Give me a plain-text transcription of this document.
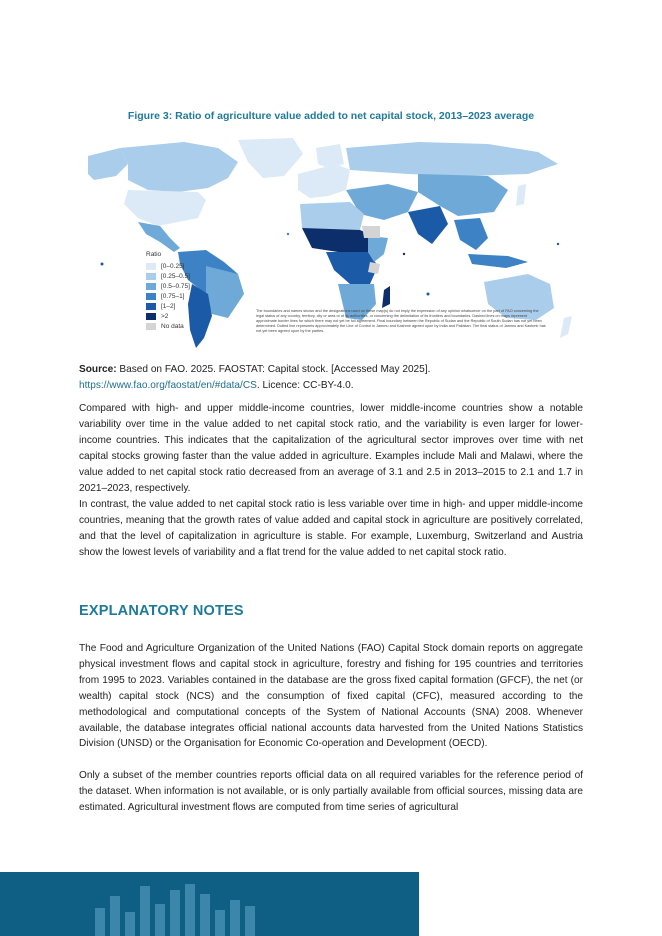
Figure 3: Ratio of agriculture value added to net capital stock, 2013–2023 average
Ratio
[0–0.25]
[0.25–0.5]
[0.5–0.75]
[0.75–1]
[1–2]
>2
No data
The boundaries and names shown and the designations used on these map(s) do not imply the expression of any opinion whatsoever on the part of FAO concerning the legal status of any country, territory, city or area or of its authorities, or concerning the delimitation of its frontiers and boundaries. Dashed lines on maps represent approximate border lines for which there may not yet be full agreement. Final boundary between the Republic of Sudan and the Republic of South Sudan has not yet been determined. Dotted line represents approximately the Line of Control in Jammu and Kashmir agreed upon by India and Pakistan. The final status of Jammu and Kashmir has not yet been agreed upon by the parties.

Source: Based on FAO. 2025. FAOSTAT: Capital stock. [Accessed May 2025].
https://www.fao.org/faostat/en/#data/CS. Licence: CC-BY-4.0.

Compared with high- and upper middle-income countries, lower middle-income countries show a notable variability over time in the value added to net capital stock ratio, and the variability is even larger for lower-income countries. This indicates that the capitalization of the agricultural sector improves over time with net capital stocks growing faster than the value added in agriculture. Examples include Mali and Malawi, where the value added to net capital stock ratio decreased from an average of 3.1 and 2.5 in 2013–2015 to 2.1 and 1.7 in 2021–2023, respectively.

In contrast, the value added to net capital stock ratio is less variable over time in high- and upper middle-income countries, meaning that the growth rates of value added and capital stock in agriculture are positively correlated, and that the level of capitalization in agriculture is stable. For example, Luxemburg, Switzerland and Austria show the lowest levels of variability and a flat trend for the value added to net capital stock ratio.

EXPLANATORY NOTES

The Food and Agriculture Organization of the United Nations (FAO) Capital Stock domain reports on aggregate physical investment flows and capital stock in agriculture, forestry and fishing for 195 countries and territories from 1995 to 2023. Variables contained in the database are the gross fixed capital formation (GFCF), the net (or wealth) capital stock (NCS) and the consumption of fixed capital (CFC), measured according to the methodological and computational concepts of the System of National Accounts (SNA) 2008. Whenever available, the database integrates official national accounts data harvested from the United Nations Statistics Division (UNSD) or the Organisation for Economic Co-operation and Development (OECD).

Only a subset of the member countries reports official data on all required variables for the reference period of the dataset. When information is not available, or is only partially available from official sources, missing data are estimated. Agricultural investment flows are computed from time series of agricultural
